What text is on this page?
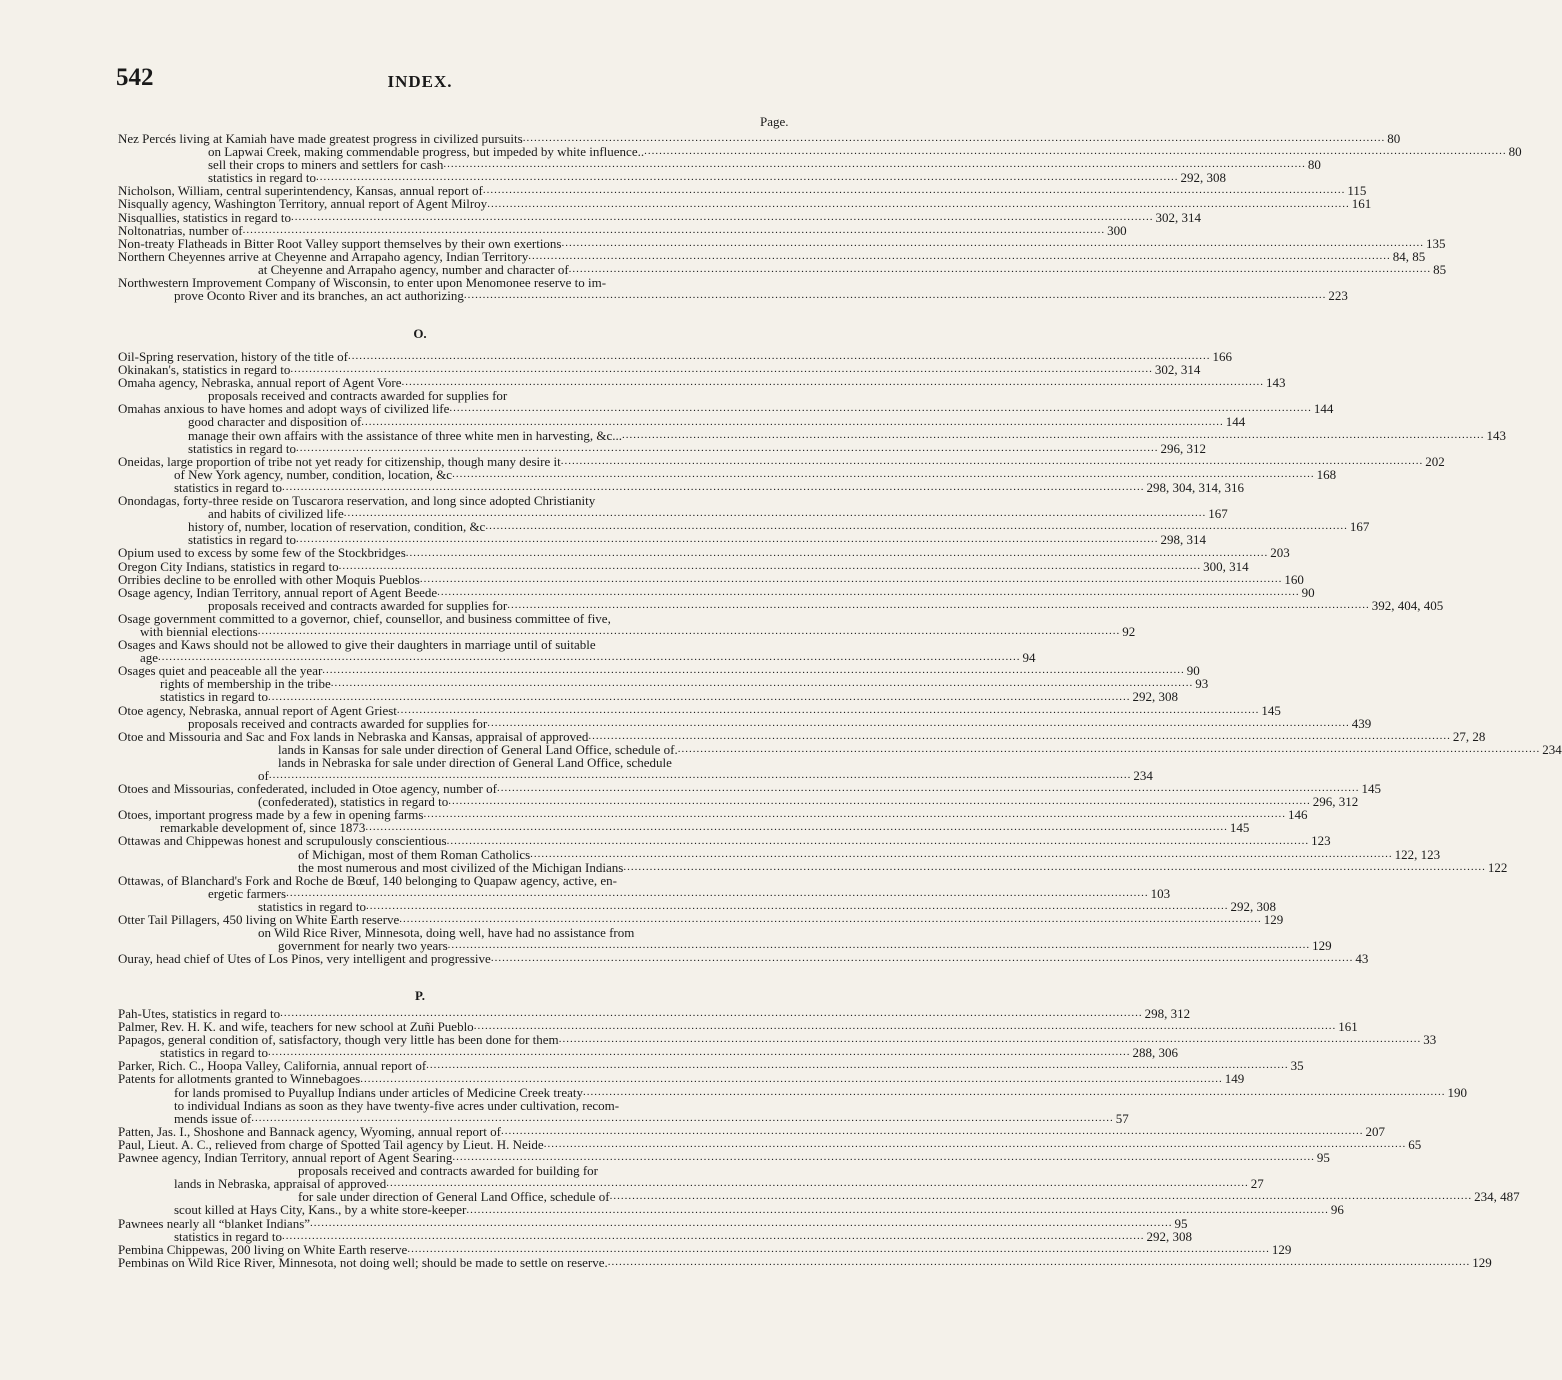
542	INDEX.
Page.
Nez Percés living at Kamiah have made greatest progress in civilized pursuits .....	80
on Lapwai Creek, making commendable progress, but impeded by white influence.. .....	80
sell their crops to miners and settlers for cash .....	80
statistics in regard to .....	292, 308
Nicholson, William, central superintendency, Kansas, annual report of .....	115
Nisqually agency, Washington Territory, annual report of Agent Milroy .....	161
Nisquallies, statistics in regard to .....	302, 314
Noltonatrias, number of .....	300
Non-treaty Flatheads in Bitter Root Valley support themselves by their own exertions .....	135
Northern Cheyennes arrive at Cheyenne and Arrapaho agency, Indian Territory .....	84, 85
at Cheyenne and Arrapaho agency, number and character of .....	85
Northwestern Improvement Company of Wisconsin, to enter upon Menomonee reserve to im-
prove Oconto River and its branches, an act authorizing .....	223
O.
Oil-Spring reservation, history of the title of .....	166
Okinakan's, statistics in regard to .....	302, 314
Omaha agency, Nebraska, annual report of Agent Vore .....	143
proposals received and contracts awarded for supplies for
Omahas anxious to have homes and adopt ways of civilized life .....	144
good character and disposition of .....	144
manage their own affairs with the assistance of three white men in harvesting, &c... .....	143
statistics in regard to .....	296, 312
Oneidas, large proportion of tribe not yet ready for citizenship, though many desire it .....	202
of New York agency, number, condition, location, &c .....	168
statistics in regard to .....	298, 304, 314, 316
Onondagas, forty-three reside on Tuscarora reservation, and long since adopted Christianity
and habits of civilized life .....	167
history of, number, location of reservation, condition, &c .....	167
statistics in regard to .....	298, 314
Opium used to excess by some few of the Stockbridges .....	203
Oregon City Indians, statistics in regard to .....	300, 314
Orribies decline to be enrolled with other Moquis Pueblos .....	160
Osage agency, Indian Territory, annual report of Agent Beede .....	90
proposals received and contracts awarded for supplies for .....	392, 404, 405
Osage government committed to a governor, chief, counsellor, and business committee of five,
with biennial elections .....	92
Osages and Kaws should not be allowed to give their daughters in marriage until of suitable
age .....	94
Osages quiet and peaceable all the year .....	90
rights of membership in the tribe .....	93
statistics in regard to .....	292, 308
Otoe agency, Nebraska, annual report of Agent Griest .....	145
proposals received and contracts awarded for supplies for .....	439
Otoe and Missouria and Sac and Fox lands in Nebraska and Kansas, appraisal of approved .....	27, 28
lands in Kansas for sale under direction of General Land Office, schedule of. .....	234
lands in Nebraska for sale under direction of General Land Office, schedule
of .....	234
Otoes and Missourias, confederated, included in Otoe agency, number of .....	145
(confederated), statistics in regard to .....	296, 312
Otoes, important progress made by a few in opening farms .....	146
remarkable development of, since 1873 .....	145
Ottawas and Chippewas honest and scrupulously conscientious .....	123
of Michigan, most of them Roman Catholics .....	122, 123
the most numerous and most civilized of the Michigan Indians .....	122
Ottawas, of Blanchard's Fork and Roche de Bœuf, 140 belonging to Quapaw agency, active, en-
ergetic farmers .....	103
statistics in regard to .....	292, 308
Otter Tail Pillagers, 450 living on White Earth reserve .....	129
on Wild Rice River, Minnesota, doing well, have had no assistance from
government for nearly two years .....	129
Ouray, head chief of Utes of Los Pinos, very intelligent and progressive .....	43
P.
Pah-Utes, statistics in regard to .....	298, 312
Palmer, Rev. H. K. and wife, teachers for new school at Zuñi Pueblo .....	161
Papagos, general condition of, satisfactory, though very little has been done for them .....	33
statistics in regard to .....	288, 306
Parker, Rich. C., Hoopa Valley, California, annual report of .....	35
Patents for allotments granted to Winnebagoes .....	149
for lands promised to Puyallup Indians under articles of Medicine Creek treaty .....	190
to individual Indians as soon as they have twenty-five acres under cultivation, recom-
mends issue of .....	57
Patten, Jas. I., Shoshone and Bannack agency, Wyoming, annual report of .....	207
Paul, Lieut. A. C., relieved from charge of Spotted Tail agency by Lieut. H. Neide .....	65
Pawnee agency, Indian Territory, annual report of Agent Searing .....	95
proposals received and contracts awarded for building for
lands in Nebraska, appraisal of approved .....	27
for sale under direction of General Land Office, schedule of .....	234, 487
scout killed at Hays City, Kans., by a white store-keeper .....	96
Pawnees nearly all “blanket Indians” .....	95
statistics in regard to .....	292, 308
Pembina Chippewas, 200 living on White Earth reserve .....	129
Pembinas on Wild Rice River, Minnesota, not doing well; should be made to settle on reserve. .....	129
